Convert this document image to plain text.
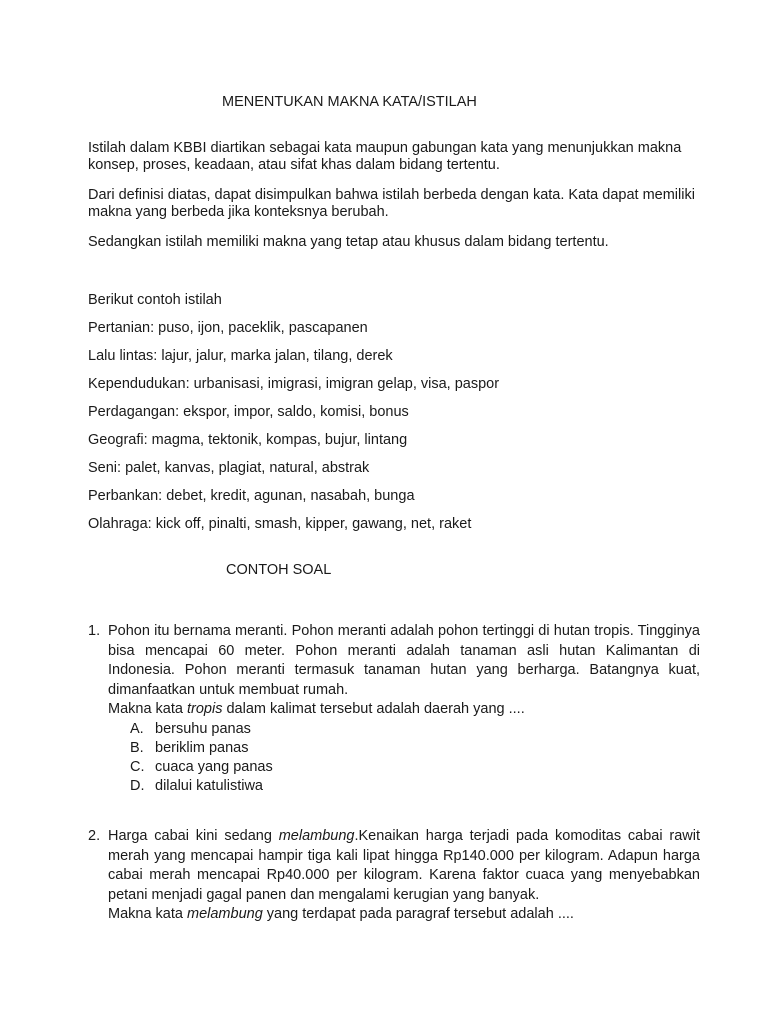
MENENTUKAN MAKNA KATA/ISTILAH
Istilah dalam KBBI diartikan sebagai kata maupun gabungan kata yang menunjukkan makna
konsep, proses, keadaan, atau sifat khas dalam bidang tertentu.
Dari definisi diatas, dapat disimpulkan bahwa istilah berbeda dengan kata. Kata dapat memiliki
makna yang berbeda jika konteksnya berubah.
Sedangkan istilah memiliki makna yang tetap atau khusus dalam bidang tertentu.
Berikut contoh istilah
Pertanian: puso, ijon, paceklik, pascapanen
Lalu lintas: lajur, jalur, marka jalan, tilang, derek
Kependudukan: urbanisasi, imigrasi, imigran gelap, visa, paspor
Perdagangan: ekspor, impor, saldo, komisi, bonus
Geografi: magma, tektonik, kompas, bujur, lintang
Seni: palet, kanvas, plagiat, natural, abstrak
Perbankan: debet, kredit, agunan, nasabah, bunga
Olahraga: kick off, pinalti, smash, kipper, gawang, net, raket
CONTOH SOAL
1. Pohon itu bernama meranti. Pohon meranti adalah pohon tertinggi di hutan tropis. Tingginya bisa mencapai 60 meter. Pohon meranti adalah tanaman asli hutan Kalimantan di Indonesia. Pohon meranti termasuk tanaman hutan yang berharga. Batangnya kuat, dimanfaatkan untuk membuat rumah.
Makna kata tropis dalam kalimat tersebut adalah daerah yang ....
A. bersuhu panas
B. beriklim panas
C. cuaca yang panas
D. dilalui katulistiwa
2. Harga cabai kini sedang melambung.Kenaikan harga terjadi pada komoditas cabai rawit merah yang mencapai hampir tiga kali lipat hingga Rp140.000 per kilogram. Adapun harga cabai merah mencapai Rp40.000 per kilogram. Karena faktor cuaca yang menyebabkan petani menjadi gagal panen dan mengalami kerugian yang banyak.
Makna kata melambung yang terdapat pada paragraf tersebut adalah ....
